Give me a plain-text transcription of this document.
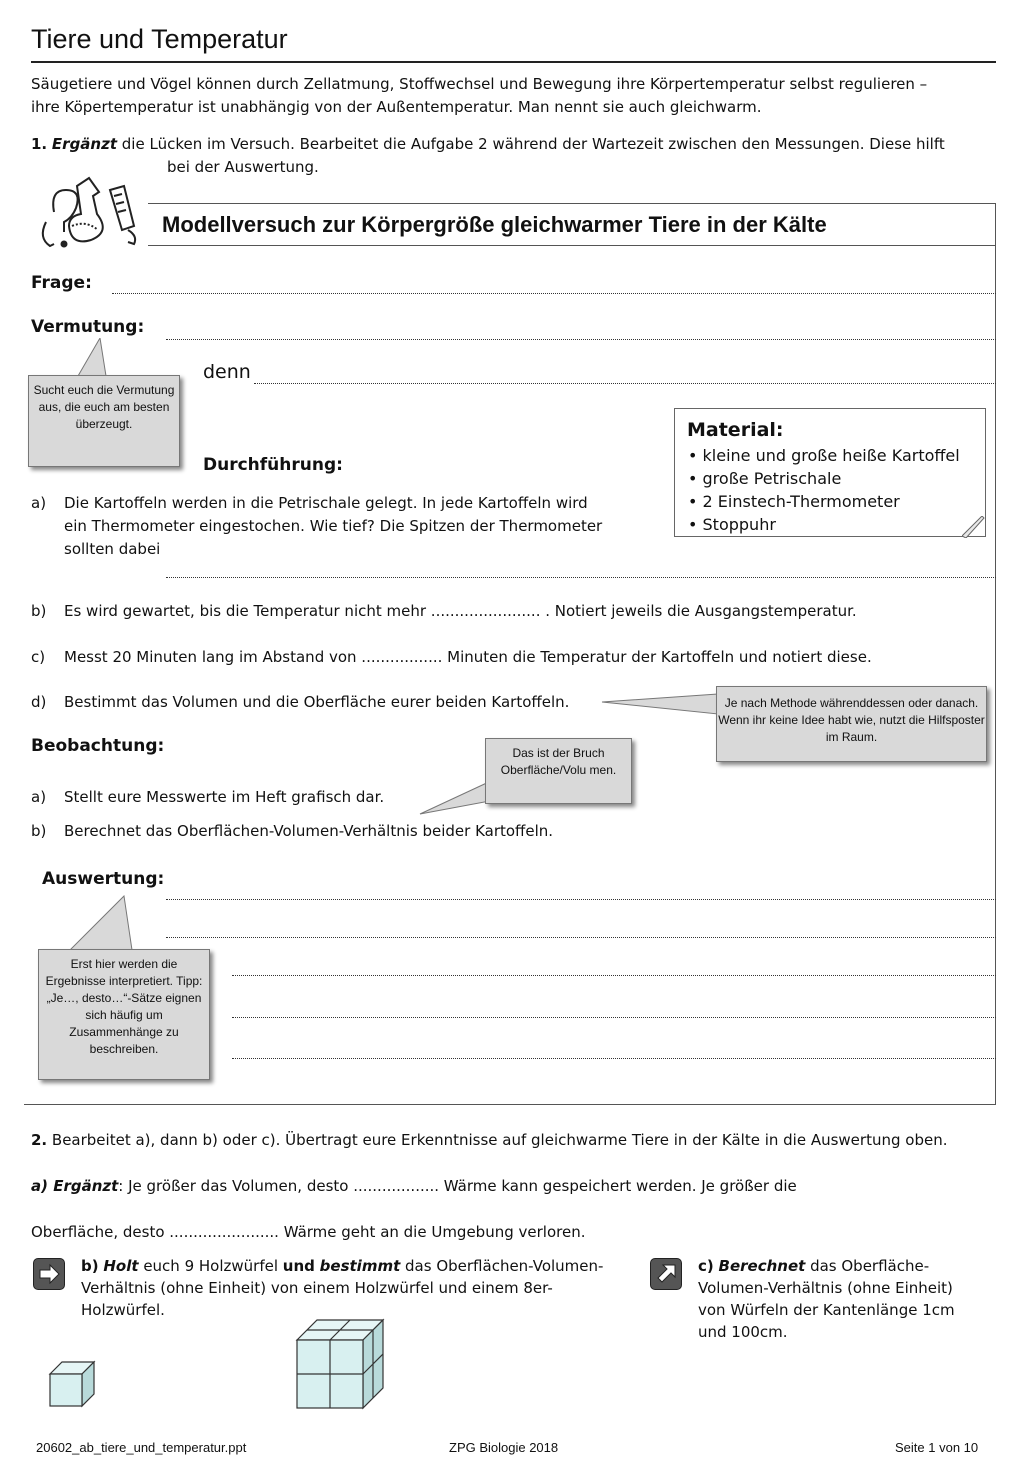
Tiere und Temperatur
Säugetiere und Vögel können durch Zellatmung, Stoffwechsel und Bewegung ihre Körpertemperatur selbst regulieren –
ihre Köpertemperatur ist unabhängig von der Außentemperatur. Man nennt sie auch gleichwarm.
1. Ergänzt die Lücken im Versuch. Bearbeitet die Aufgabe 2 während der Wartezeit zwischen den Messungen. Diese hilft
bei der Auswertung.
Modellversuch zur Körpergröße gleichwarmer Tiere in der Kälte
Frage:
Vermutung:
denn
Sucht euch die Vermutung aus, die euch am besten überzeugt.
Durchführung:
Material:
• kleine und große heiße Kartoffel
• große Petrischale
• 2 Einstech-Thermometer
• Stoppuhr
a) Die Kartoffeln werden in die Petrischale gelegt. In jede Kartoffeln wird
ein Thermometer eingestochen. Wie tief? Die Spitzen der Thermometer
sollten dabei
b) Es wird gewartet, bis die Temperatur nicht mehr ....................... . Notiert jeweils die Ausgangstemperatur.
c) Messt 20 Minuten lang im Abstand von ................. Minuten die Temperatur der Kartoffeln und notiert diese.
d) Bestimmt das Volumen und die Oberfläche eurer beiden Kartoffeln.	Je nach Methode währenddessen oder danach. Wenn ihr keine Idee habt wie, nutzt die Hilfsposter im Raum.
Beobachtung:	Das ist der Bruch Oberfläche/Volu men.
a) Stellt eure Messwerte im Heft grafisch dar.
b) Berechnet das Oberflächen-Volumen-Verhältnis beider Kartoffeln.
Auswertung:
Erst hier werden die Ergebnisse interpretiert. Tipp: „Je…, desto…“-Sätze eignen sich häufig um Zusammenhänge zu beschreiben.
2. Bearbeitet a), dann b) oder c). Übertragt eure Erkenntnisse auf gleichwarme Tiere in der Kälte in die Auswertung oben.
a) Ergänzt: Je größer das Volumen, desto .................. Wärme kann gespeichert werden. Je größer die
Oberfläche, desto ....................... Wärme geht an die Umgebung verloren.
b) Holt euch 9 Holzwürfel und bestimmt das Oberflächen-Volumen-
Verhältnis (ohne Einheit) von einem Holzwürfel und einem 8er-
Holzwürfel.
c) Berechnet das Oberfläche-
Volumen-Verhältnis (ohne Einheit)
von Würfeln der Kantenlänge 1cm
und 100cm.
20602_ab_tiere_und_temperatur.ppt	ZPG Biologie 2018	Seite 1 von 10
